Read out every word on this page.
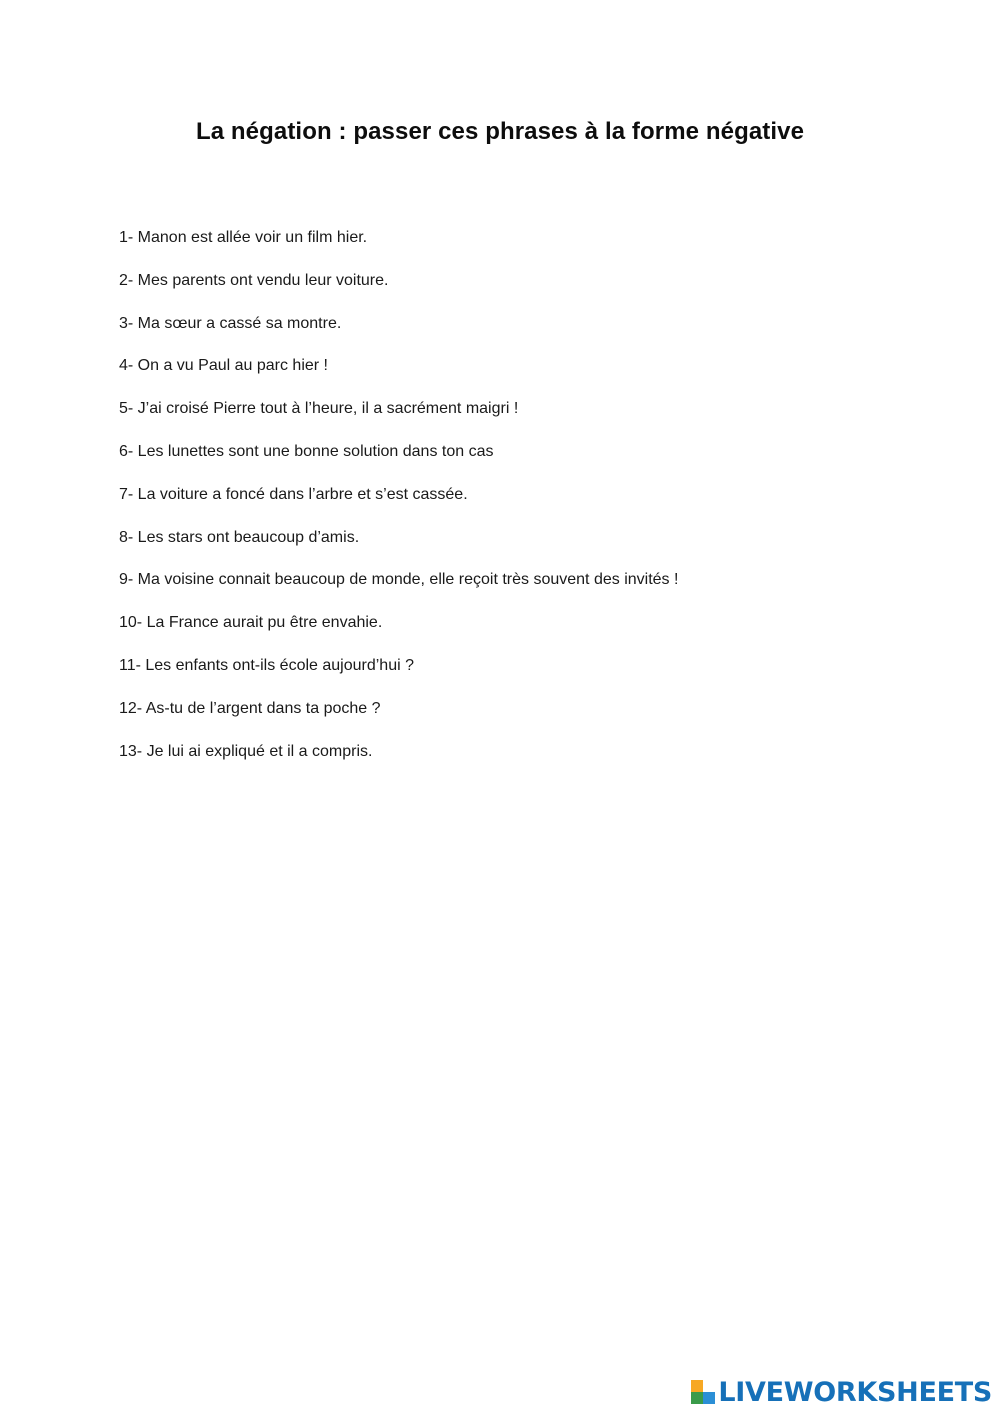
La négation : passer ces phrases à la forme négative
1- Manon est allée voir un film hier.
2- Mes parents ont vendu leur voiture.
3- Ma sœur a cassé sa montre.
4- On a vu Paul au parc hier !
5- J’ai croisé Pierre tout à l’heure, il a sacrément maigri !
6- Les lunettes sont une bonne solution dans ton cas
7- La voiture a foncé dans l’arbre et s’est cassée.
8- Les stars ont beaucoup d’amis.
9- Ma voisine connait beaucoup de monde, elle reçoit très souvent des invités !
10- La France aurait pu être envahie.
11- Les enfants ont-ils école aujourd’hui ?
12- As-tu de l’argent dans ta poche ?
13- Je lui ai expliqué et il a compris.
LIVEWORKSHEETS
